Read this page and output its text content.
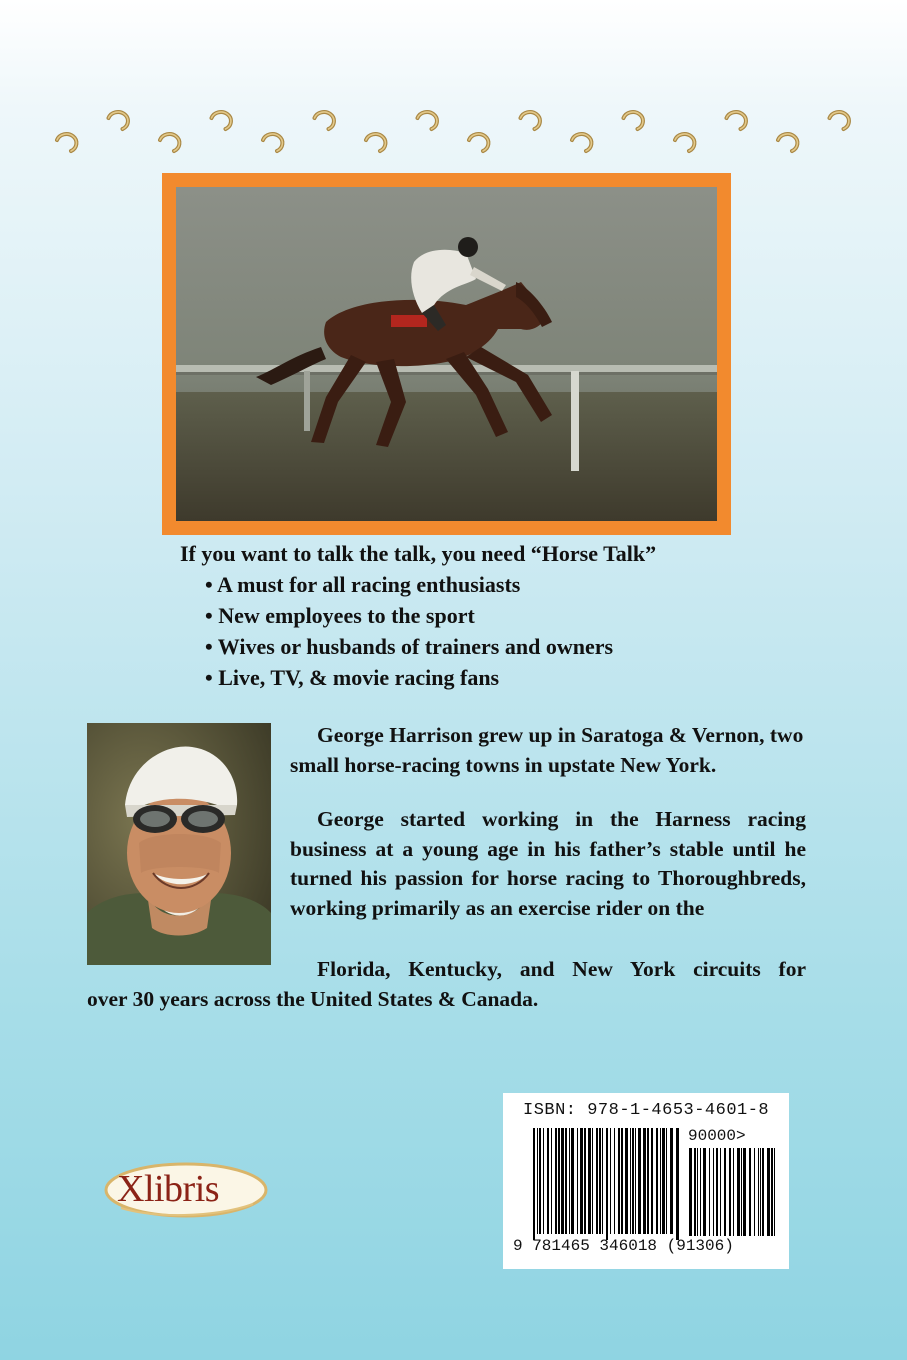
If you want to talk the talk, you need “Horse Talk”
• A must for all racing enthusiasts
• New employees to the sport
• Wives or husbands of trainers and owners
• Live, TV, & movie racing fans

George Harrison grew up in Saratoga & Vernon, two small horse-racing towns in upstate New York.

George started working in the Harness racing business at a young age in his father’s stable until he turned his passion for horse racing to Thoroughbreds, working primarily as an exercise rider on the

Florida, Kentucky, and New York circuits for
over 30 years across the United States & Canada.

ISBN: 978-1-4653-4601-8
90000>
9 781465 346018 (91306)
Xlibris
